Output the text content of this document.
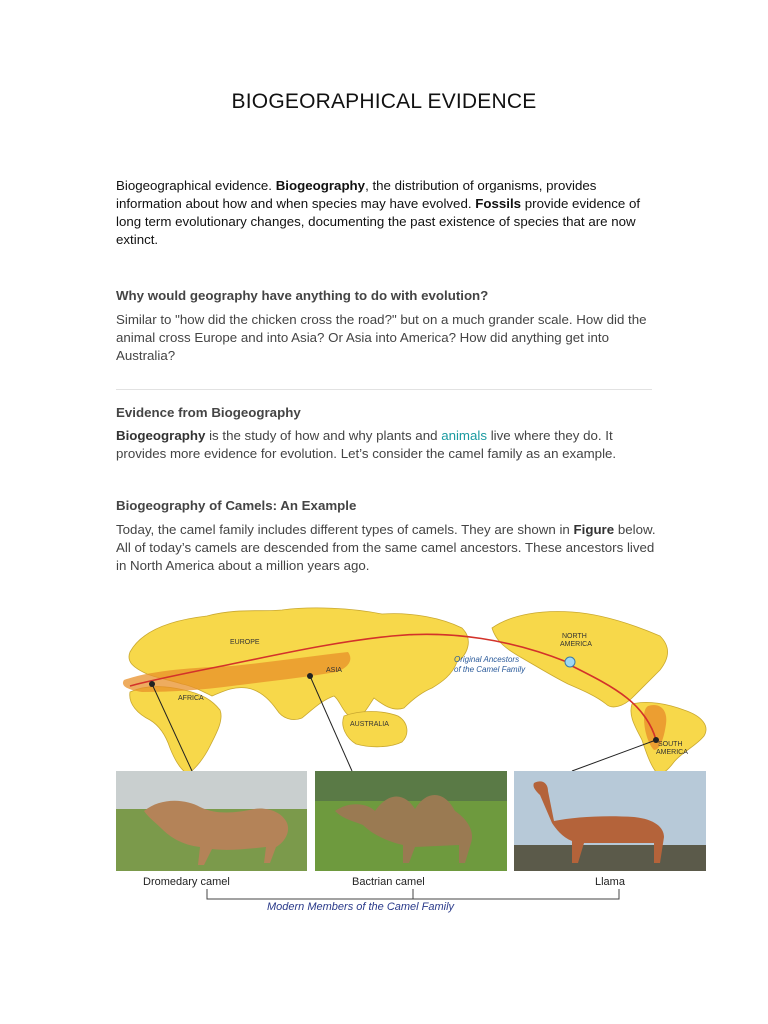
BIOGEORAPHICAL EVIDENCE
Biogeographical evidence. Biogeography, the distribution of organisms, provides information about how and when species may have evolved. Fossils provide evidence of long term evolutionary changes, documenting the past existence of species that are now extinct.
Why would geography have anything to do with evolution?
Similar to "how did the chicken cross the road?" but on a much grander scale. How did the animal cross Europe and into Asia? Or Asia into America? How did anything get into Australia?
Evidence from Biogeography
Biogeography is the study of how and why plants and animals live where they do. It provides more evidence for evolution. Let’s consider the camel family as an example.
Biogeography of Camels: An Example
Today, the camel family includes different types of camels. They are shown in Figure below. All of today’s camels are descended from the same camel ancestors. These ancestors lived in North America about a million years ago.
EUROPE
ASIA
AFRICA
AUSTRALIA
NORTH
AMERICA
SOUTH
AMERICA
Original Ancestors
of the Camel Family
Dromedary camel	Bactrian camel	Llama
Modern Members of the Camel Family
